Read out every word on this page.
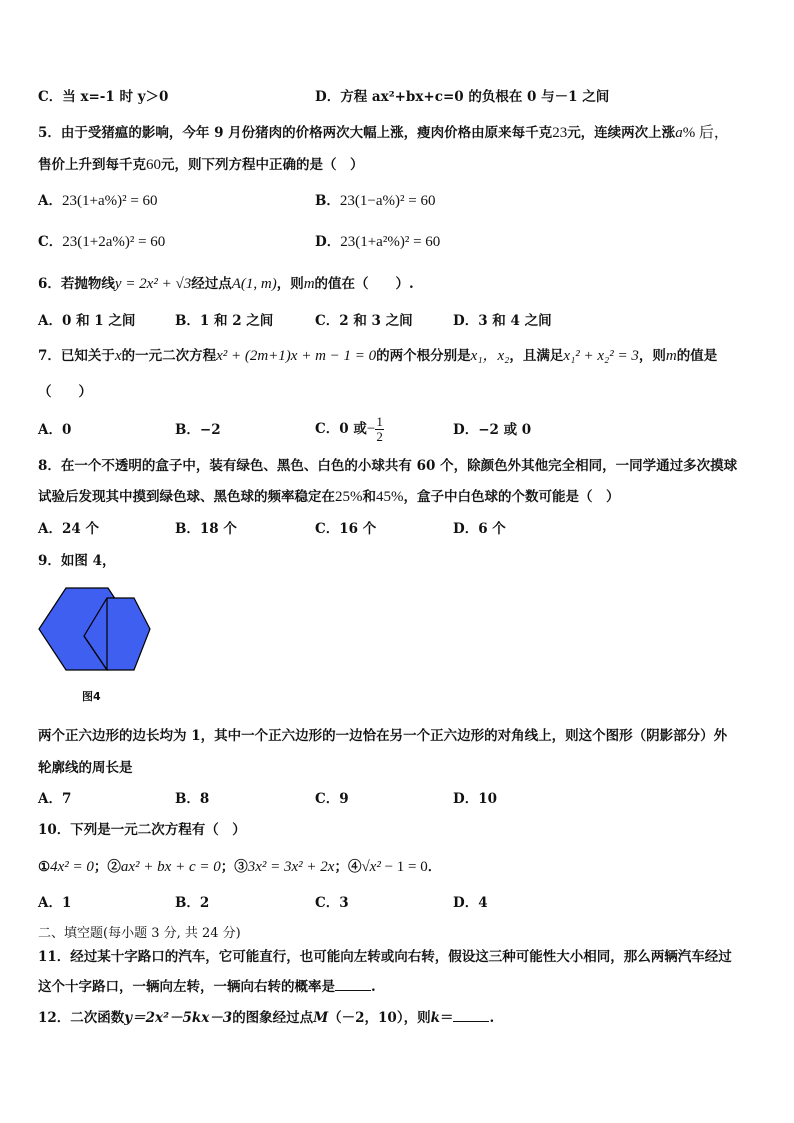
C．当 x=-1 时 y＞0	D．方程 ax²+bx+c=0 的负根在 0 与－1 之间
5．由于受猪瘟的影响，今年 9 月份猪肉的价格两次大幅上涨，瘦肉价格由原来每千克23元，连续两次上涨a% 后，
售价上升到每千克60元，则下列方程中正确的是（　）
A．23(1+a%)² = 60	B．23(1−a%)² = 60
C．23(1+2a%)² = 60	D．23(1+a²%)² = 60
6．若抛物线y = 2x² + √3经过点A(1, m)，则m的值在（　　）.
A．0 和 1 之间	B．1 和 2 之间	C．2 和 3 之间	D．3 和 4 之间
7．已知关于x的一元二次方程x² + (2m+1)x + m − 1 = 0的两个根分别是x₁，x₂，且满足x₁² + x₂² = 3，则m的值是
（　　）
A．0	B．−2	C．0 或− $\frac{1}{2}$	D．−2 或 0
8．在一个不透明的盒子中，装有绿色、黑色、白色的小球共有 60 个，除颜色外其他完全相同，一同学通过多次摸球
试验后发现其中摸到绿色球、黑色球的频率稳定在25%和45%，盒子中白色球的个数可能是（　）
A．24 个	B．18 个	C．16 个	D．6 个
9．如图 4，
图4
两个正六边形的边长均为 1，其中一个正六边形的一边恰在另一个正六边形的对角线上，则这个图形（阴影部分）外
轮廓线的周长是
A．7	B．8	C．9	D．10
10．下列是一元二次方程有（　）
①4x² = 0；②ax² + bx + c = 0；③3x² = 3x² + 2x；④√x² − 1 = 0．
A．1	B．2	C．3	D．4
二、填空题(每小题 3 分, 共 24 分)
11．经过某十字路口的汽车，它可能直行，也可能向左转或向右转，假设这三种可能性大小相同，那么两辆汽车经过
这个十字路口，一辆向左转，一辆向右转的概率是	.
12．二次函数y＝2x²－5kx－3的图象经过点M（－2，10），则k＝	.
